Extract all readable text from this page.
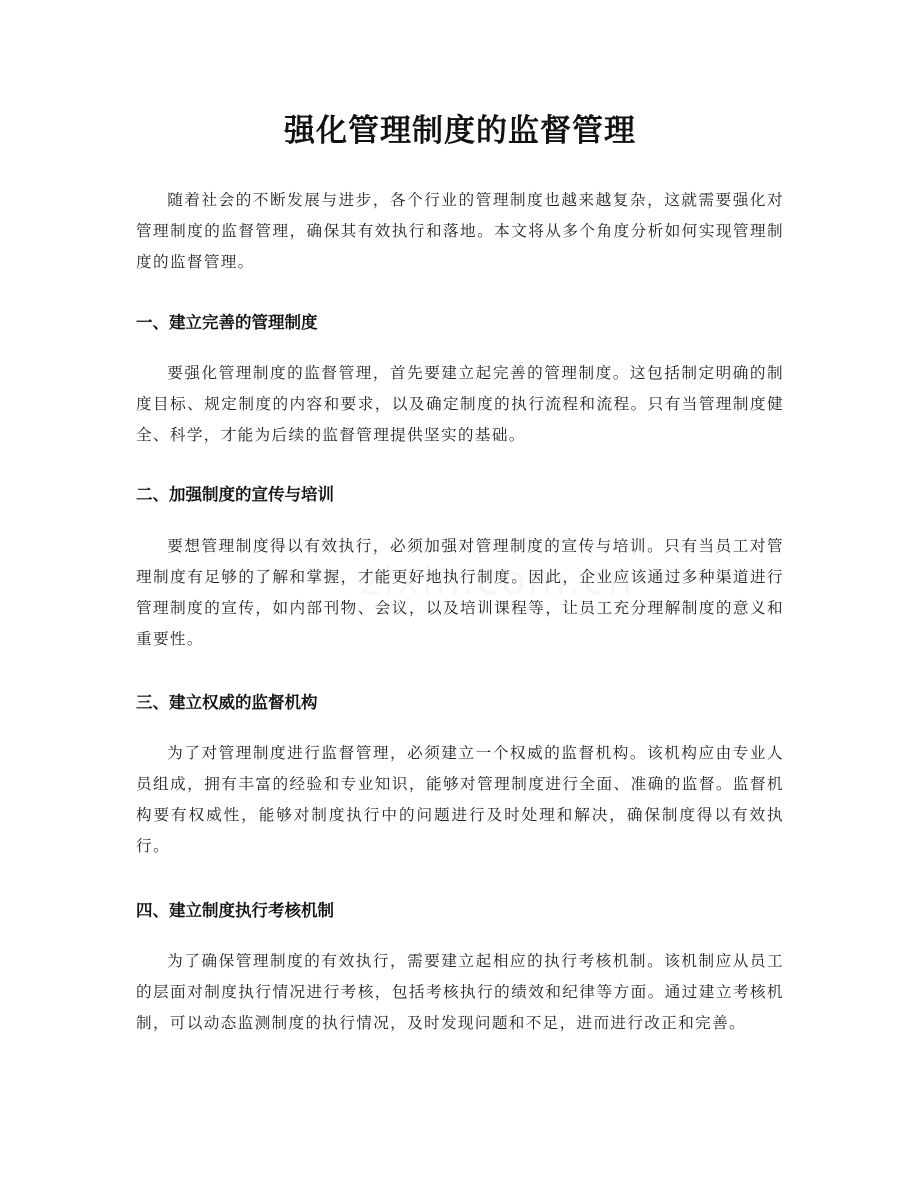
强化管理制度的监督管理

随着社会的不断发展与进步，各个行业的管理制度也越来越复杂，这就需要强化对管理制度的监督管理，确保其有效执行和落地。本文将从多个角度分析如何实现管理制度的监督管理。

一、建立完善的管理制度

要强化管理制度的监督管理，首先要建立起完善的管理制度。这包括制定明确的制度目标、规定制度的内容和要求，以及确定制度的执行流程和流程。只有当管理制度健全、科学，才能为后续的监督管理提供坚实的基础。

二、加强制度的宣传与培训

要想管理制度得以有效执行，必须加强对管理制度的宣传与培训。只有当员工对管理制度有足够的了解和掌握，才能更好地执行制度。因此，企业应该通过多种渠道进行管理制度的宣传，如内部刊物、会议，以及培训课程等，让员工充分理解制度的意义和重要性。

三、建立权威的监督机构

为了对管理制度进行监督管理，必须建立一个权威的监督机构。该机构应由专业人员组成，拥有丰富的经验和专业知识，能够对管理制度进行全面、准确的监督。监督机构要有权威性，能够对制度执行中的问题进行及时处理和解决，确保制度得以有效执行。

四、建立制度执行考核机制

为了确保管理制度的有效执行，需要建立起相应的执行考核机制。该机制应从员工的层面对制度执行情况进行考核，包括考核执行的绩效和纪律等方面。通过建立考核机制，可以动态监测制度的执行情况，及时发现问题和不足，进而进行改正和完善。
